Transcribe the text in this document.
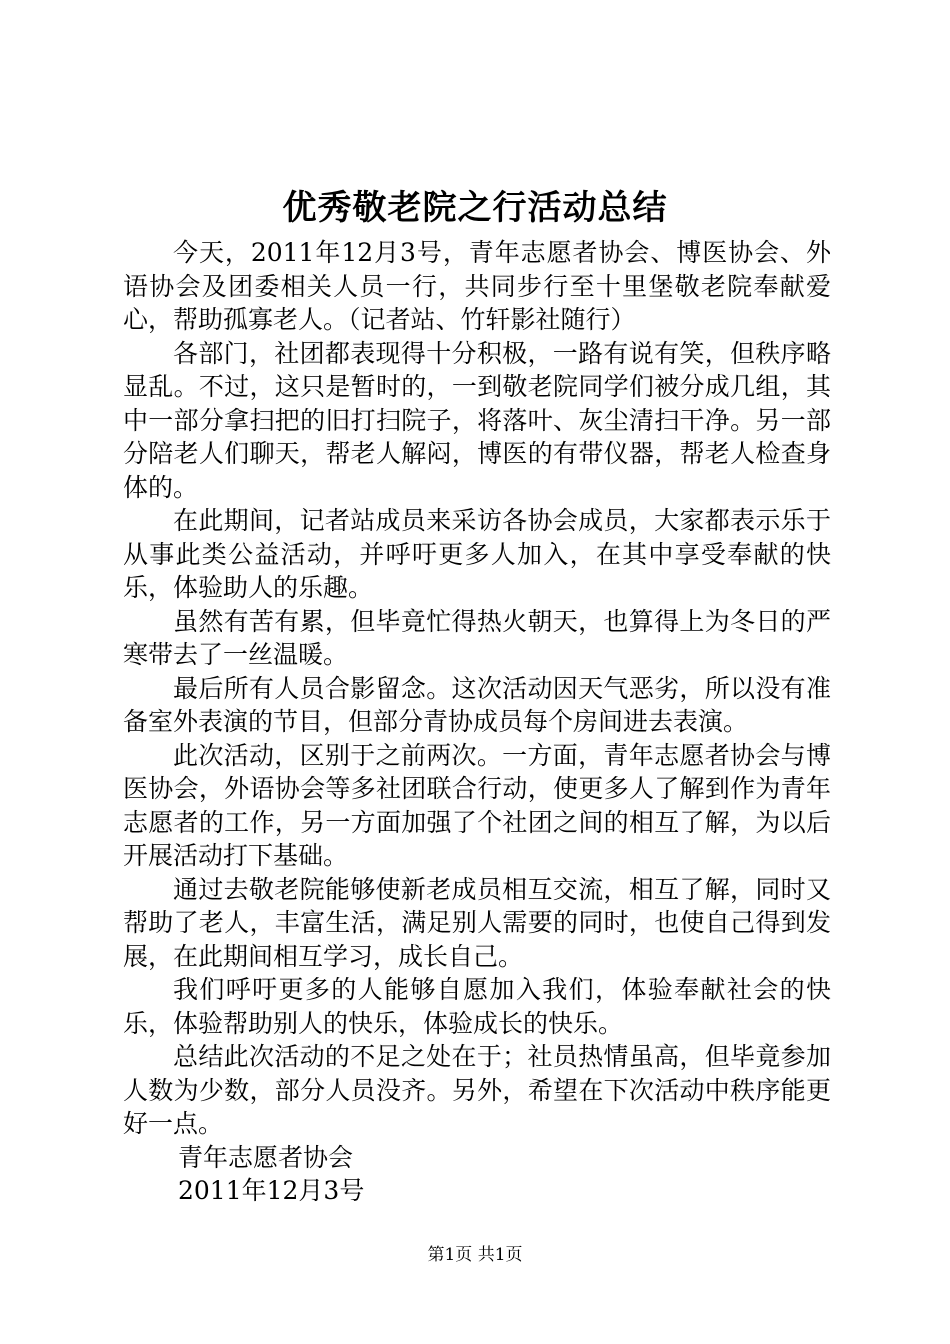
优秀敬老院之行活动总结

今天，2011年12月3号，青年志愿者协会、博医协会、外语协会及团委相关人员一行，共同步行至十里堡敬老院奉献爱心，帮助孤寡老人。（记者站、竹轩影社随行）

各部门，社团都表现得十分积极，一路有说有笑，但秩序略显乱。不过，这只是暂时的，一到敬老院同学们被分成几组，其中一部分拿扫把的旧打扫院子，将落叶、灰尘清扫干净。另一部分陪老人们聊天，帮老人解闷，博医的有带仪器，帮老人检查身体的。

在此期间，记者站成员来采访各协会成员，大家都表示乐于从事此类公益活动，并呼吁更多人加入，在其中享受奉献的快乐，体验助人的乐趣。

虽然有苦有累，但毕竟忙得热火朝天，也算得上为冬日的严寒带去了一丝温暖。

最后所有人员合影留念。这次活动因天气恶劣，所以没有准备室外表演的节目，但部分青协成员每个房间进去表演。

此次活动，区别于之前两次。一方面，青年志愿者协会与博医协会，外语协会等多社团联合行动，使更多人了解到作为青年志愿者的工作，另一方面加强了个社团之间的相互了解，为以后开展活动打下基础。

通过去敬老院能够使新老成员相互交流，相互了解，同时又帮助了老人，丰富生活，满足别人需要的同时，也使自己得到发展，在此期间相互学习，成长自己。

我们呼吁更多的人能够自愿加入我们，体验奉献社会的快乐，体验帮助别人的快乐，体验成长的快乐。

总结此次活动的不足之处在于；社员热情虽高，但毕竟参加人数为少数，部分人员没齐。另外，希望在下次活动中秩序能更好一点。

青年志愿者协会

2011年12月3号

第1页 共1页
